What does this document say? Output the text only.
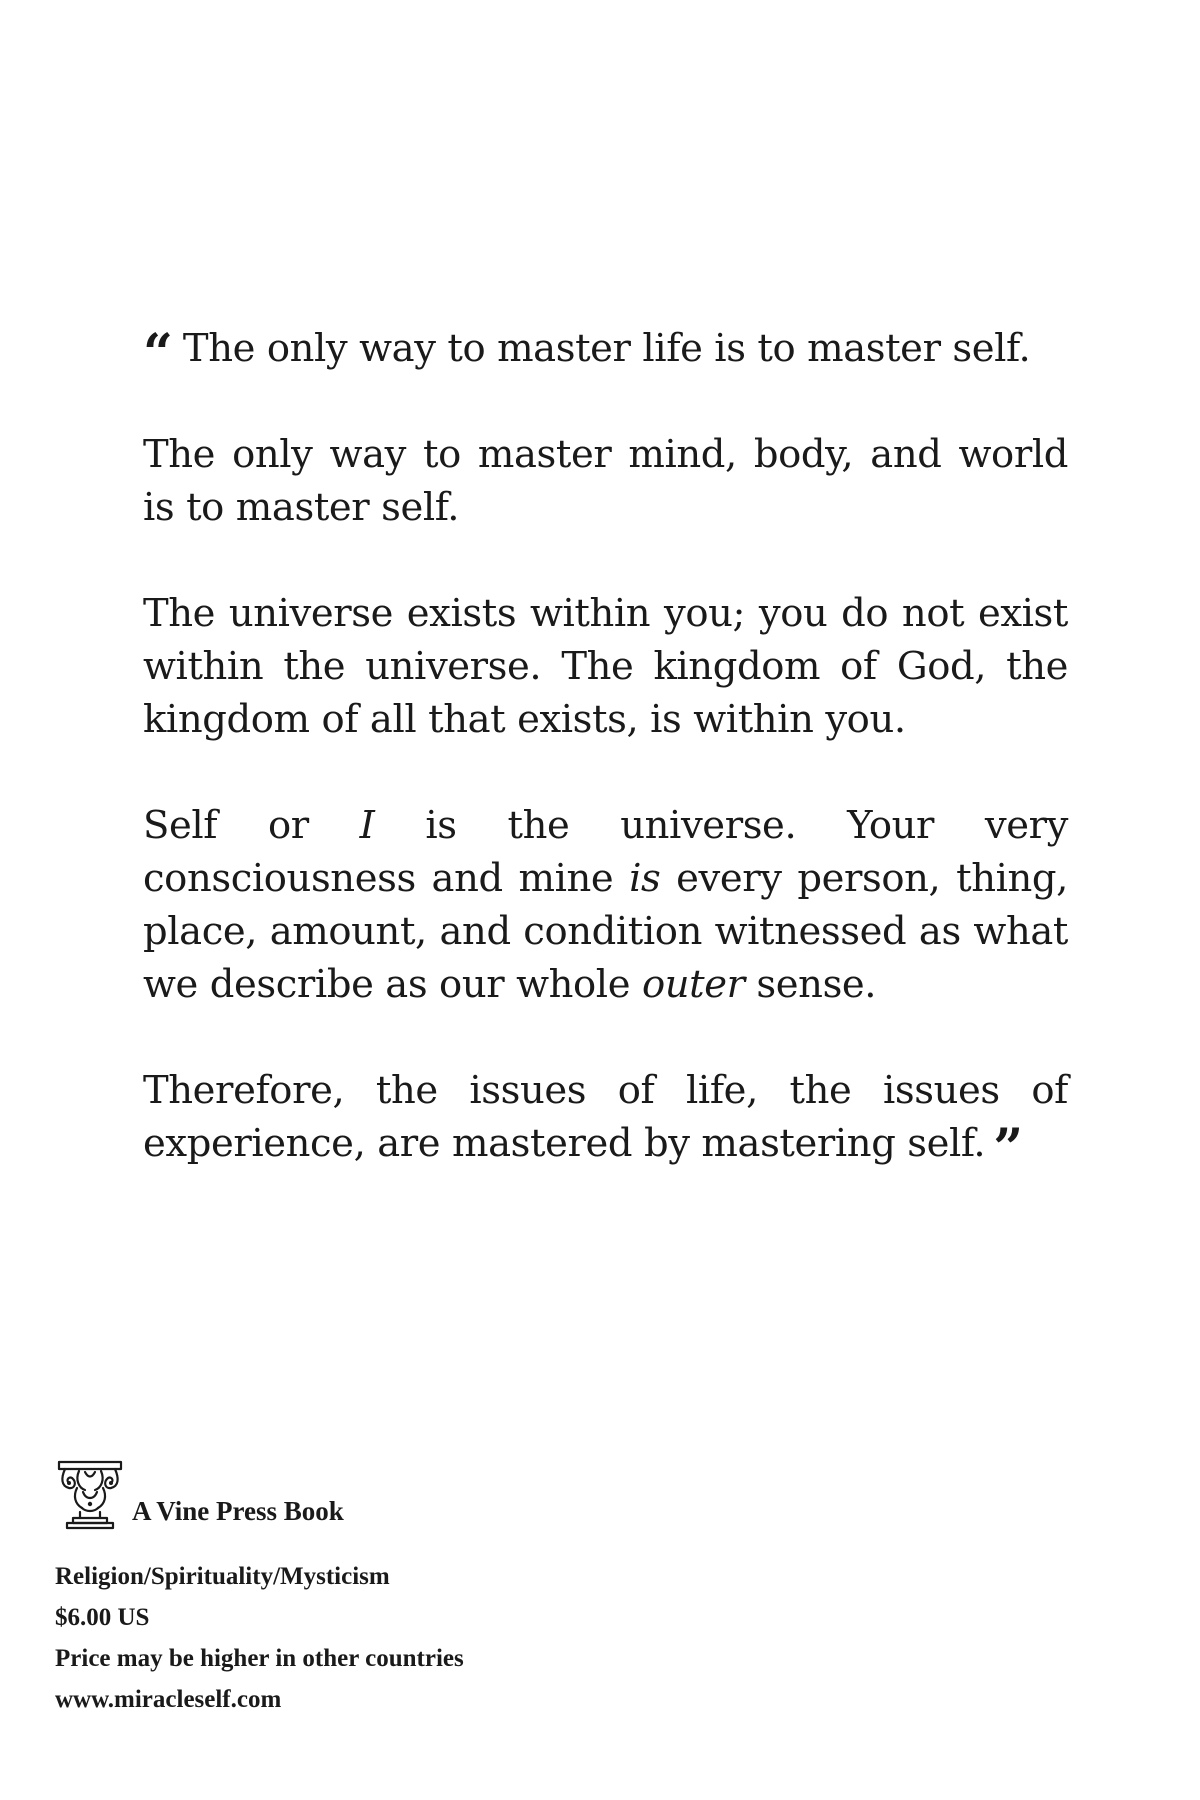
“ The only way to master life is to master self.

The only way to master mind, body, and world is to master self.

The universe exists within you; you do not exist within the universe. The kingdom of God, the kingdom of all that exists, is within you.

Self or I is the universe. Your very consciousness and mine is every person, thing, place, amount, and condition witnessed as what we describe as our whole outer sense.

Therefore, the issues of life, the issues of experience, are mastered by mastering self. ”

A Vine Press Book
Religion/Spirituality/Mysticism
$6.00 US
Price may be higher in other countries
www.miracleself.com
